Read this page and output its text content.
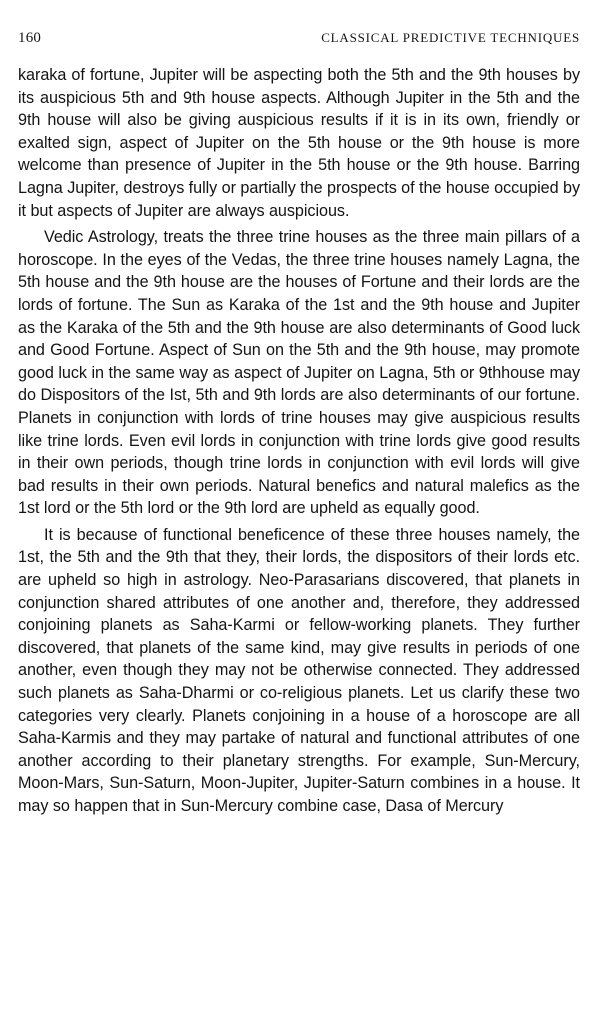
160	CLASSICAL PREDICTIVE TECHNIQUES

karaka of fortune, Jupiter will be aspecting both the 5th and the 9th houses by its auspicious 5th and 9th house aspects. Although Jupiter in the 5th and the 9th house will also be giving auspicious results if it is in its own, friendly or exalted sign, aspect of Jupiter on the 5th house or the 9th house is more welcome than presence of Jupiter in the 5th house or the 9th house. Barring Lagna Jupiter, destroys fully or partially the prospects of the house occupied by it but aspects of Jupiter are always auspicious.

Vedic Astrology, treats the three trine houses as the three main pillars of a horoscope. In the eyes of the Vedas, the three trine houses namely Lagna, the 5th house and the 9th house are the houses of Fortune and their lords are the lords of fortune. The Sun as Karaka of the 1st and the 9th house and Jupiter as the Karaka of the 5th and the 9th house are also determinants of Good luck and Good Fortune. Aspect of Sun on the 5th and the 9th house, may promote good luck in the same way as aspect of Jupiter on Lagna, 5th or 9thhouse may do Dispositors of the Ist, 5th and 9th lords are also determinants of our fortune. Planets in conjunction with lords of trine houses may give auspicious results like trine lords. Even evil lords in conjunction with trine lords give good results in their own periods, though trine lords in conjunction with evil lords will give bad results in their own periods. Natural benefics and natural malefics as the 1st lord or the 5th lord or the 9th lord are upheld as equally good.

It is because of functional beneficence of these three houses namely, the 1st, the 5th and the 9th that they, their lords, the dispositors of their lords etc. are upheld so high in astrology. Neo-Parasarians discovered, that planets in conjunction shared attributes of one another and, therefore, they addressed conjoining planets as Saha-Karmi or fellow-working planets. They further discovered, that planets of the same kind, may give results in periods of one another, even though they may not be otherwise connected. They addressed such planets as Saha-Dharmi or co-religious planets. Let us clarify these two categories very clearly. Planets conjoining in a house of a horoscope are all Saha-Karmis and they may partake of natural and functional attributes of one another according to their planetary strengths. For example, Sun-Mercury, Moon-Mars, Sun-Saturn, Moon-Jupiter, Jupiter-Saturn combines in a house. It may so happen that in Sun-Mercury combine case, Dasa of Mercury
